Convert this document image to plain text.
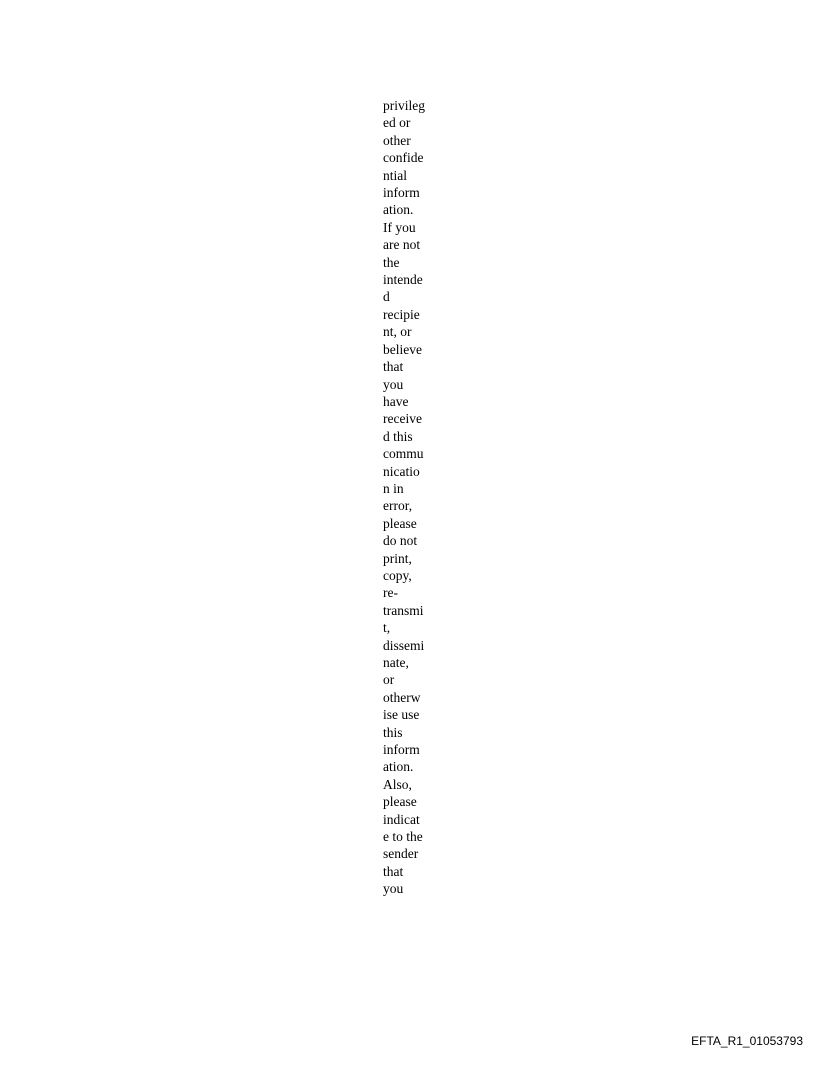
privileg
ed or
other
confide
ntial
inform
ation.
If you
are not
the
intende
d
recipie
nt, or
believe
that
you
have
receive
d this
commu
nicatio
n in
error,
please
do not
print,
copy,
re-
transmi
t,
dissemi
nate,
or
otherw
ise use
this
inform
ation.
Also,
please
indicat
e to the
sender
that
you
EFTA_R1_01053793
